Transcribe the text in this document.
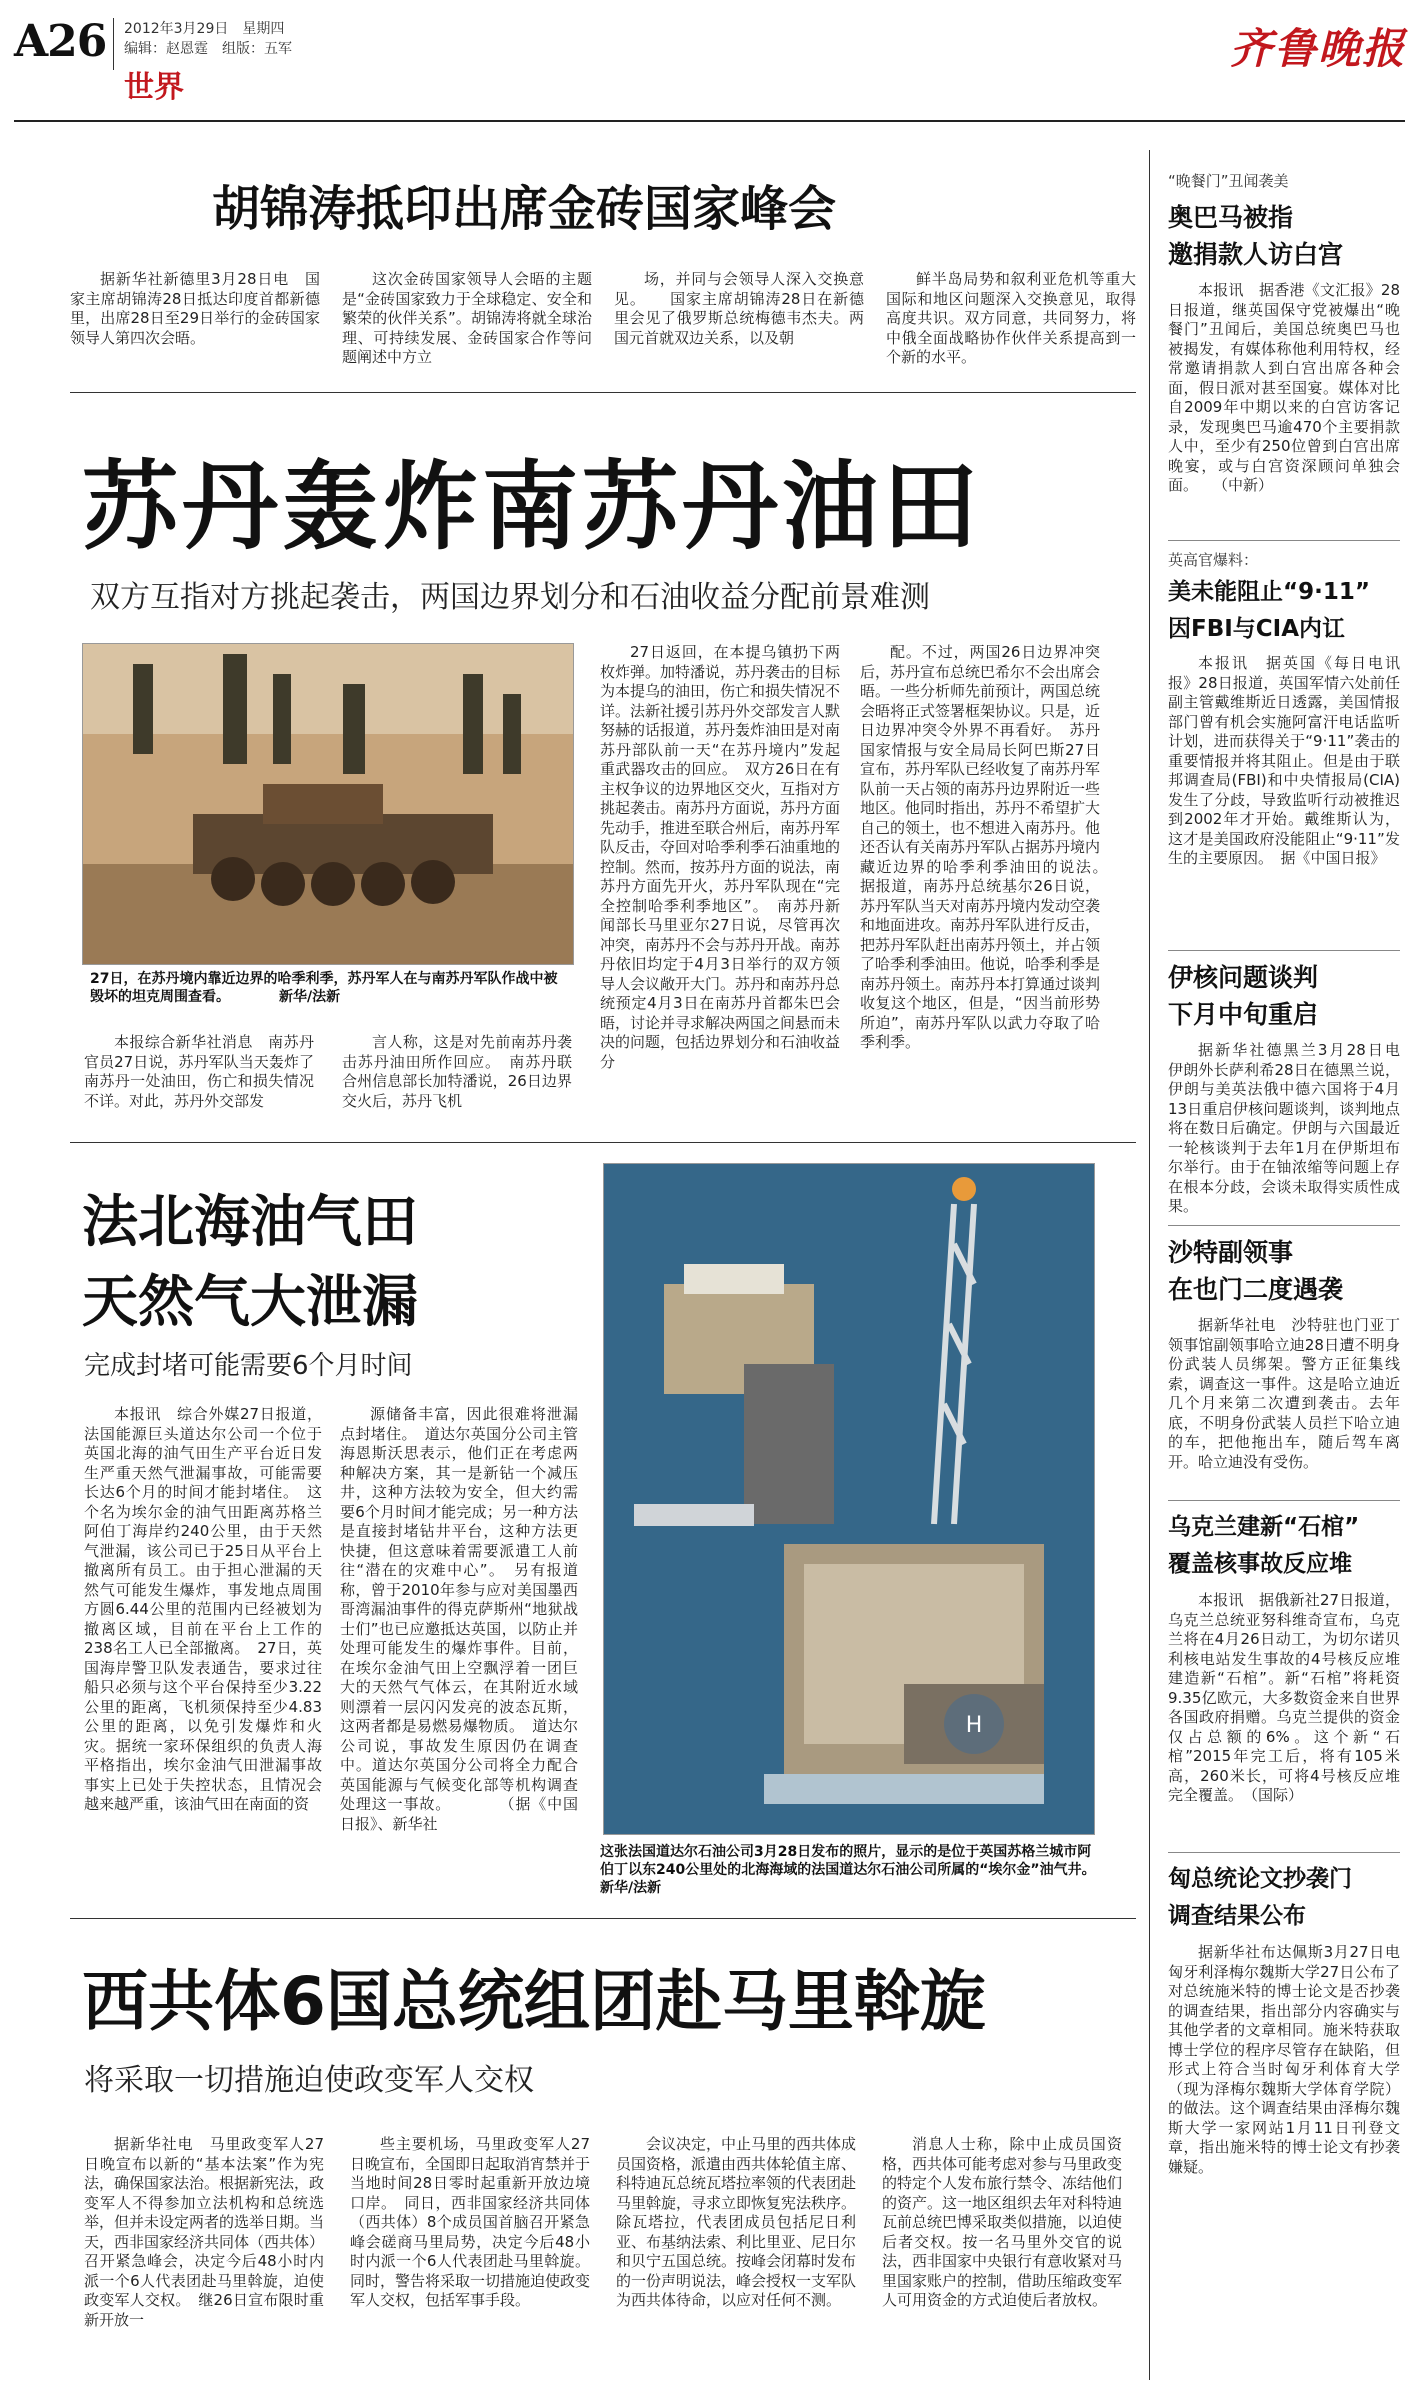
A26 2012年3月29日　星期四
编辑：赵恩霆　组版：五军
世界
齐鲁晚报
胡锦涛抵印出席金砖国家峰会

据新华社新德里3月28日电　国家主席胡锦涛28日抵达印度首都新德里，出席28日至29日举行的金砖国家领导人第四次会晤。

这次金砖国家领导人会晤的主题是“金砖国家致力于全球稳定、安全和繁荣的伙伴关系”。胡锦涛将就全球治理、可持续发展、金砖国家合作等问题阐述中方立

场，并同与会领导人深入交换意见。　　国家主席胡锦涛28日在新德里会见了俄罗斯总统梅德韦杰夫。两国元首就双边关系，以及朝

鲜半岛局势和叙利亚危机等重大国际和地区问题深入交换意见，取得高度共识。双方同意，共同努力，将中俄全面战略协作伙伴关系提高到一个新的水平。

苏丹轰炸南苏丹油田
双方互指对方挑起袭击，两国边界划分和石油收益分配前景难测
27日，在苏丹境内靠近边界的哈季利季，苏丹军人在与南苏丹军队作战中被毁坏的坦克周围查看。　　　　新华/法新

本报综合新华社消息　南苏丹官员27日说，苏丹军队当天轰炸了南苏丹一处油田，伤亡和损失情况不详。对此，苏丹外交部发

言人称，这是对先前南苏丹袭击苏丹油田所作回应。　南苏丹联合州信息部长加特潘说，26日边界交火后，苏丹飞机

27日返回，在本提乌镇扔下两枚炸弹。加特潘说，苏丹袭击的目标为本提乌的油田，伤亡和损失情况不详。法新社援引苏丹外交部发言人默努赫的话报道，苏丹轰炸油田是对南苏丹部队前一天“在苏丹境内”发起重武器攻击的回应。　双方26日在有主权争议的边界地区交火，互指对方挑起袭击。南苏丹方面说，苏丹方面先动手，推进至联合州后，南苏丹军队反击，夺回对哈季利季石油重地的控制。然而，按苏丹方面的说法，南苏丹方面先开火，苏丹军队现在“完全控制哈季利季地区”。　南苏丹新闻部长马里亚尔27日说，尽管再次冲突，南苏丹不会与苏丹开战。南苏丹依旧均定于4月3日举行的双方领导人会议敞开大门。苏丹和南苏丹总统预定4月3日在南苏丹首都朱巴会晤，讨论并寻求解决两国之间悬而未决的问题，包括边界划分和石油收益分

配。不过，两国26日边界冲突后，苏丹宣布总统巴希尔不会出席会晤。一些分析师先前预计，两国总统会晤将正式签署框架协议。只是，近日边界冲突令外界不再看好。　苏丹国家情报与安全局局长阿巴斯27日宣布，苏丹军队已经收复了南苏丹军队前一天占领的南苏丹边界附近一些地区。他同时指出，苏丹不希望扩大自己的领土，也不想进入南苏丹。他还否认有关南苏丹军队占据苏丹境内藏近边界的哈季利季油田的说法。　据报道，南苏丹总统基尔26日说，苏丹军队当天对南苏丹境内发动空袭和地面进攻。南苏丹军队进行反击，把苏丹军队赶出南苏丹领土，并占领了哈季利季油田。他说，哈季利季是南苏丹领土。南苏丹本打算通过谈判收复这个地区，但是，“因当前形势所迫”，南苏丹军队以武力夺取了哈季利季。

法北海油气田
天然气大泄漏
完成封堵可能需要6个月时间

本报讯　综合外媒27日报道，法国能源巨头道达尔公司一个位于英国北海的油气田生产平台近日发生严重天然气泄漏事故，可能需要长达6个月的时间才能封堵住。　这个名为埃尔金的油气田距离苏格兰阿伯丁海岸约240公里，由于天然气泄漏，该公司已于25日从平台上撤离所有员工。由于担心泄漏的天然气可能发生爆炸，事发地点周围方圆6.44公里的范围内已经被划为撤离区域，目前在平台上工作的238名工人已全部撤离。　27日，英国海岸警卫队发表通告，要求过往船只必须与这个平台保持至少3.22公里的距离，飞机须保持至少4.83公里的距离，以免引发爆炸和火灾。据统一家环保组织的负责人海平格指出，埃尔金油气田泄漏事故事实上已处于失控状态，且情况会越来越严重，该油气田在南面的资

源储备丰富，因此很难将泄漏点封堵住。　道达尔英国分公司主管海恩斯沃思表示，他们正在考虑两种解决方案，其一是新钻一个减压井，这种方法较为安全，但大约需要6个月时间才能完成；另一种方法是直接封堵钻井平台，这种方法更快捷，但这意味着需要派遣工人前往“潜在的灾难中心”。　另有报道称，曾于2010年参与应对美国墨西哥湾漏油事件的得克萨斯州“地狱战士们”也已应邀抵达英国，以防止并处理可能发生的爆炸事件。目前，在埃尔金油气田上空飘浮着一团巨大的天然气气体云，在其附近水域则漂着一层闪闪发亮的波态瓦斯，这两者都是易燃易爆物质。　道达尔公司说，事故发生原因仍在调查中。道达尔英国分公司将全力配合英国能源与气候变化部等机构调查处理这一事故。　　　　（据《中国日报》、新华社

H
这张法国道达尔石油公司3月28日发布的照片，显示的是位于英国苏格兰城市阿伯丁以东240公里处的北海海域的法国道达尔石油公司所属的“埃尔金”油气井。　　　　新华/法新
西共体6国总统组团赴马里斡旋
将采取一切措施迫使政变军人交权

据新华社电　马里政变军人27日晚宣布以新的“基本法案”作为宪法，确保国家法治。根据新宪法，政变军人不得参加立法机构和总统选举，但并未设定两者的选举日期。当天，西非国家经济共同体（西共体）召开紧急峰会，决定今后48小时内派一个6人代表团赴马里斡旋，迫使政变军人交权。　继26日宣布限时重新开放一

些主要机场，马里政变军人27日晚宣布，全国即日起取消宵禁并于当地时间28日零时起重新开放边境口岸。　同日，西非国家经济共同体（西共体）8个成员国首脑召开紧急峰会磋商马里局势，决定今后48小时内派一个6人代表团赴马里斡旋。同时，警告将采取一切措施迫使政变军人交权，包括军事手段。

会议决定，中止马里的西共体成员国资格，派遣由西共体轮值主席、科特迪瓦总统瓦塔拉率领的代表团赴马里斡旋，寻求立即恢复宪法秩序。除瓦塔拉，代表团成员包括尼日利亚、布基纳法索、利比里亚、尼日尔和贝宁五国总统。按峰会闭幕时发布的一份声明说法，峰会授权一支军队为西共体待命，以应对任何不测。

消息人士称，除中止成员国资格，西共体可能考虑对参与马里政变的特定个人发布旅行禁令、冻结他们的资产。这一地区组织去年对科特迪瓦前总统巴博采取类似措施，以迫使后者交权。按一名马里外交官的说法，西非国家中央银行有意收紧对马里国家账户的控制，借助压缩政变军人可用资金的方式迫使后者放权。

“晚餐门”丑闻袭美
奥巴马被指
邀捐款人访白宫

本报讯　据香港《文汇报》28日报道，继英国保守党被爆出“晚餐门”丑闻后，美国总统奥巴马也被揭发，有媒体称他利用特权，经常邀请捐款人到白宫出席各种会面，假日派对甚至国宴。媒体对比自2009年中期以来的白宫访客记录，发现奥巴马逾470个主要捐款人中，至少有250位曾到白宫出席晚宴，或与白宫资深顾问单独会面。　　（中新）

英高官爆料：
美未能阻止“9·11”
因FBI与CIA内讧

本报讯　据英国《每日电讯报》28日报道，英国军情六处前任副主管戴维斯近日透露，美国情报部门曾有机会实施阿富汗电话监听计划，进而获得关于“9·11”袭击的重要情报并将其阻止。但是由于联邦调查局(FBI)和中央情报局(CIA)发生了分歧，导致监听行动被推迟到2002年才开始。戴维斯认为，这才是美国政府没能阻止“9·11”发生的主要原因。　据《中国日报》

伊核问题谈判
下月中旬重启

据新华社德黑兰3月28日电　伊朗外长萨利希28日在德黑兰说，伊朗与美英法俄中德六国将于4月13日重启伊核问题谈判，谈判地点将在数日后确定。伊朗与六国最近一轮核谈判于去年1月在伊斯坦布尔举行。由于在铀浓缩等问题上存在根本分歧，会谈未取得实质性成果。

沙特副领事
在也门二度遇袭

据新华社电　沙特驻也门亚丁领事馆副领事哈立迪28日遭不明身份武装人员绑架。警方正征集线索，调查这一事件。这是哈立迪近几个月来第二次遭到袭击。去年底，不明身份武装人员拦下哈立迪的车，把他拖出车，随后驾车离开。哈立迪没有受伤。

乌克兰建新“石棺”
覆盖核事故反应堆

本报讯　据俄新社27日报道，乌克兰总统亚努科维奇宣布，乌克兰将在4月26日动工，为切尔诺贝利核电站发生事故的4号核反应堆建造新“石棺”。新“石棺”将耗资9.35亿欧元，大多数资金来自世界各国政府捐赠。乌克兰提供的资金仅占总额的6%。这个新“石棺”2015年完工后，将有105米高，260米长，可将4号核反应堆完全覆盖。　（国际）

匈总统论文抄袭门
调查结果公布

据新华社布达佩斯3月27日电　匈牙利泽梅尔魏斯大学27日公布了对总统施米特的博士论文是否抄袭的调查结果，指出部分内容确实与其他学者的文章相同。施米特获取博士学位的程序尽管存在缺陷，但形式上符合当时匈牙利体育大学（现为泽梅尔魏斯大学体育学院）的做法。这个调查结果由泽梅尔魏斯大学一家网站1月11日刊登文章，指出施米特的博士论文有抄袭嫌疑。
